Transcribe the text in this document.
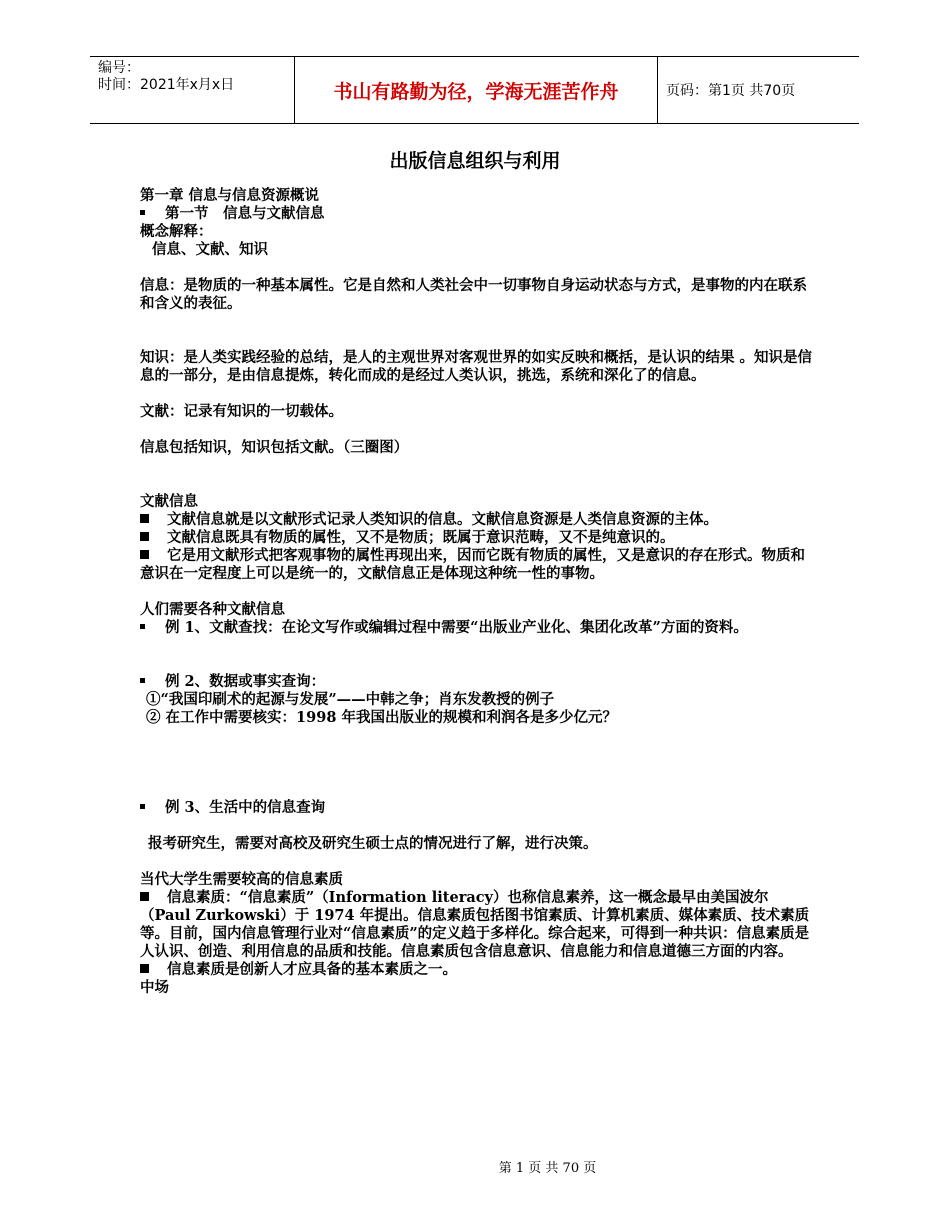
编号：
时间：2021年x月x日	书山有路勤为径，学海无涯苦作舟	页码：第1页 共70页
出版信息组织与利用

第一章 信息与信息资源概说

第一节　信息与文献信息

概念解释：

信息、文献、知识

信息：是物质的一种基本属性。它是自然和人类社会中一切事物自身运动状态与方式，是事物的内在联系和含义的表征。

知识：是人类实践经验的总结，是人的主观世界对客观世界的如实反映和概括，是认识的结果 。知识是信息的一部分，是由信息提炼，转化而成的是经过人类认识，挑选，系统和深化了的信息。

文献：记录有知识的一切载体。

信息包括知识，知识包括文献。（三圈图）

文献信息

文献信息就是以文献形式记录人类知识的信息。文献信息资源是人类信息资源的主体。

文献信息既具有物质的属性，又不是物质；既属于意识范畴，又不是纯意识的。

它是用文献形式把客观事物的属性再现出来，因而它既有物质的属性，又是意识的存在形式。物质和意识在一定程度上可以是统一的，文献信息正是体现这种统一性的事物。

人们需要各种文献信息

例 1、文献查找：在论文写作或编辑过程中需要“出版业产业化、集团化改革”方面的资料。

例 2、数据或事实查询：

①“我国印刷术的起源与发展”——中韩之争；肖东发教授的例子

② 在工作中需要核实：1998 年我国出版业的规模和利润各是多少亿元？

例 3、生活中的信息查询

报考研究生，需要对高校及研究生硕士点的情况进行了解，进行决策。

当代大学生需要较高的信息素质

信息素质：“信息素质”（Information literacy）也称信息素养，这一概念最早由美国波尔（Paul Zurkowski）于 1974 年提出。信息素质包括图书馆素质、计算机素质、媒体素质、技术素质等。目前，国内信息管理行业对“信息素质”的定义趋于多样化。综合起来，可得到一种共识：信息素质是人认识、创造、利用信息的品质和技能。信息素质包含信息意识、信息能力和信息道德三方面的内容。

信息素质是创新人才应具备的基本素质之一。

中场

第 1 页 共 70 页
